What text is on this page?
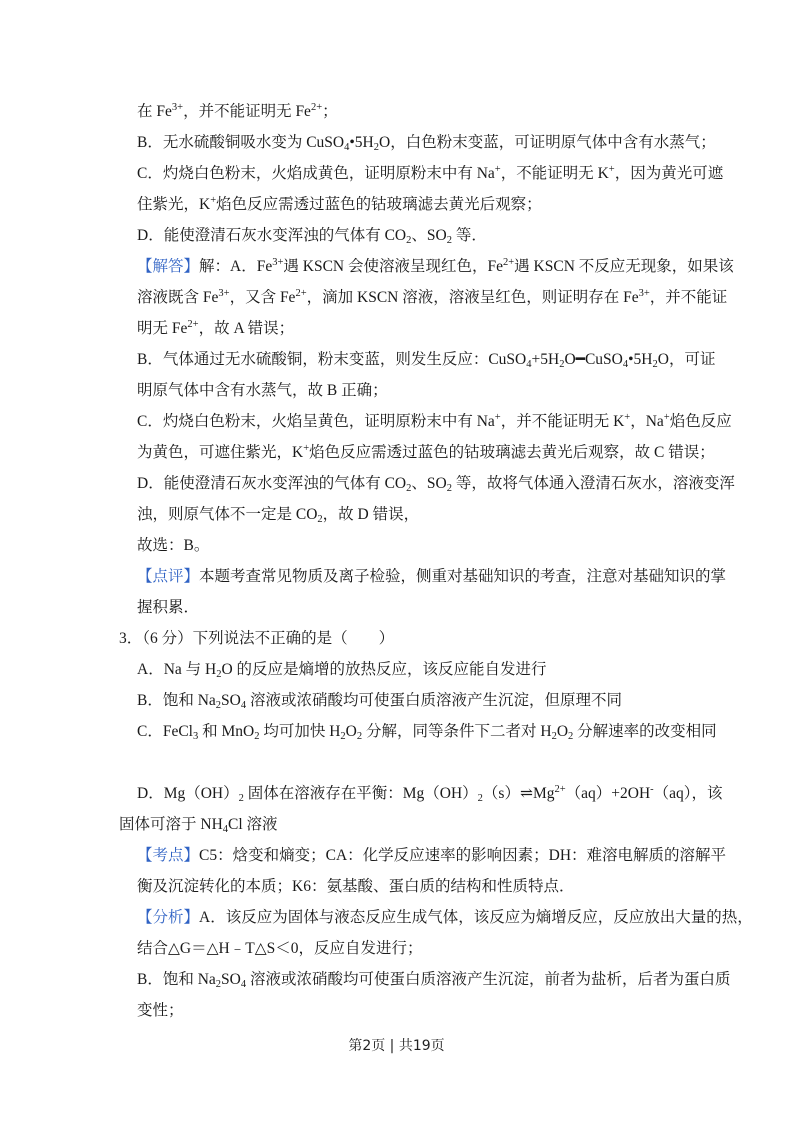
在 $Fe^{3+}$，并不能证明无 $Fe^{2+}$；
B．无水硫酸铜吸水变为 $CuSO_4•5H_2O$，白色粉末变蓝，可证明原气体中含有水蒸气；
C．灼烧白色粉末，火焰成黄色，证明原粉末中有 Na+，不能证明无 K+，因为黄光可遮
住紫光，K+焰色反应需透过蓝色的钴玻璃滤去黄光后观察；
D．能使澄清石灰水变浑浊的气体有 $CO_2$、$SO_2$ 等．
【解答】解：A．$Fe^{3+}$遇 KSCN 会使溶液呈现红色，$Fe^{2+}$遇 KSCN 不反应无现象，如果该
溶液既含 $Fe^{3+}$，又含 $Fe^{2+}$，滴加 KSCN 溶液，溶液呈红色，则证明存在 $Fe^{3+}$，并不能证
明无 $Fe^{2+}$，故 A 错误；
B．气体通过无水硫酸铜，粉末变蓝，则发生反应：$CuSO_4+5H_2O━CuSO_4•5H_2O$，可证
明原气体中含有水蒸气，故 B 正确；
C．灼烧白色粉末，火焰呈黄色，证明原粉末中有 Na+，并不能证明无 K+，Na+焰色反应
为黄色，可遮住紫光，K+焰色反应需透过蓝色的钴玻璃滤去黄光后观察，故 C 错误；
D．能使澄清石灰水变浑浊的气体有 $CO_2$、$SO_2$ 等，故将气体通入澄清石灰水，溶液变浑
浊，则原气体不一定是 $CO_2$，故 D 错误，
故选：B。
【点评】本题考查常见物质及离子检验，侧重对基础知识的考查，注意对基础知识的掌
握积累．
3．（6 分）下列说法不正确的是（　　）
A．Na 与 $H_2O$ 的反应是熵增的放热反应，该反应能自发进行
B．饱和 $Na_2SO_4$ 溶液或浓硝酸均可使蛋白质溶液产生沉淀，但原理不同
C．FeCl$_3$ 和 MnO$_2$ 均可加快 $H_2O_2$ 分解，同等条件下二者对 $H_2O_2$ 分解速率的改变相同
D．$Mg(OH)_2$ 固体在溶液存在平衡：$Mg(OH)_2(s)\rightleftharpoons Mg^{2+}(aq)+2OH^-(aq)$，该
固体可溶于 $NH_4Cl$ 溶液
【考点】C5：焓变和熵变；CA：化学反应速率的影响因素；DH：难溶电解质的溶解平
衡及沉淀转化的本质；K6：氨基酸、蛋白质的结构和性质特点．
【分析】A．该反应为固体与液态反应生成气体，该反应为熵增反应，反应放出大量的热，
结合△G＝△H﹣T△S＜0，反应自发进行；
B．饱和 $Na_2SO_4$ 溶液或浓硝酸均可使蛋白质溶液产生沉淀，前者为盐析，后者为蛋白质
变性；
第2页 | 共19页
